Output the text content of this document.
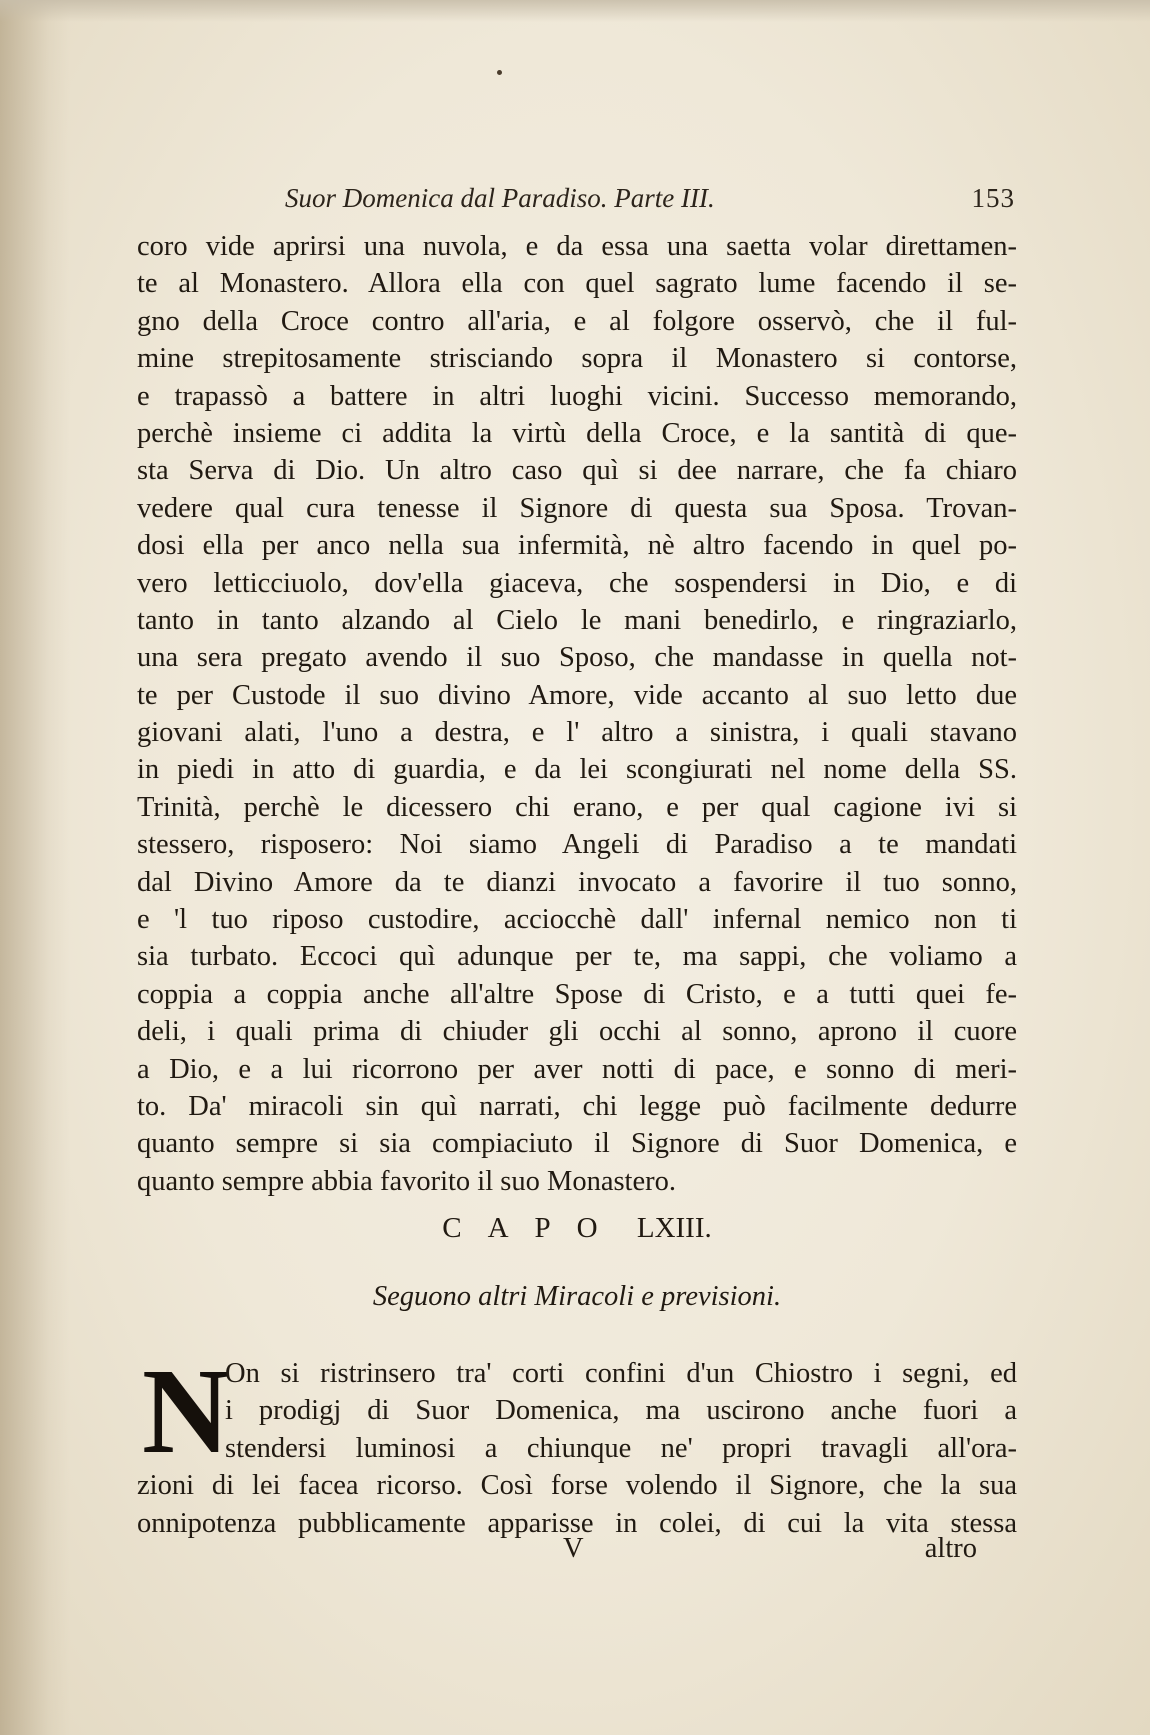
Suor Domenica dal Paradiso. Parte III.	153
coro vide aprirsi una nuvola, e da essa una saetta volar direttamen-
te al Monastero. Allora ella con quel sagrato lume facendo il se-
gno della Croce contro all'aria, e al folgore osservò, che il ful-
mine strepitosamente strisciando sopra il Monastero si contorse,
e trapassò a battere in altri luoghi vicini. Successo memorando,
perchè insieme ci addita la virtù della Croce, e la santità di que-
sta Serva di Dio. Un altro caso quì si dee narrare, che fa chiaro
vedere qual cura tenesse il Signore di questa sua Sposa. Trovan-
dosi ella per anco nella sua infermità, nè altro facendo in quel po-
vero letticciuolo, dov'ella giaceva, che sospendersi in Dio, e di
tanto in tanto alzando al Cielo le mani benedirlo, e ringraziarlo,
una sera pregato avendo il suo Sposo, che mandasse in quella not-
te per Custode il suo divino Amore, vide accanto al suo letto due
giovani alati, l'uno a destra, e l' altro a sinistra, i quali stavano
in piedi in atto di guardia, e da lei scongiurati nel nome della SS.
Trinità, perchè le dicessero chi erano, e per qual cagione ivi si
stessero, risposero: Noi siamo Angeli di Paradiso a te mandati
dal Divino Amore da te dianzi invocato a favorire il tuo sonno,
e 'l tuo riposo custodire, acciocchè dall' infernal nemico non ti
sia turbato. Eccoci quì adunque per te, ma sappi, che voliamo a
coppia a coppia anche all'altre Spose di Cristo, e a tutti quei fe-
deli, i quali prima di chiuder gli occhi al sonno, aprono il cuore
a Dio, e a lui ricorrono per aver notti di pace, e sonno di meri-
to. Da' miracoli sin quì narrati, chi legge può facilmente dedurre
quanto sempre si sia compiaciuto il Signore di Suor Domenica, e
quanto sempre abbia favorito il suo Monastero.
CAPO LXIII.
Seguono altri Miracoli e previsioni.
N
On si ristrinsero tra' corti confini d'un Chiostro i segni, ed
i prodigj di Suor Domenica, ma uscirono anche fuori a
stendersi luminosi a chiunque ne' propri travagli all'ora-
zioni di lei facea ricorso. Così forse volendo il Signore, che la sua
onnipotenza pubblicamente apparisse in colei, di cui la vita stessa
V	altro
